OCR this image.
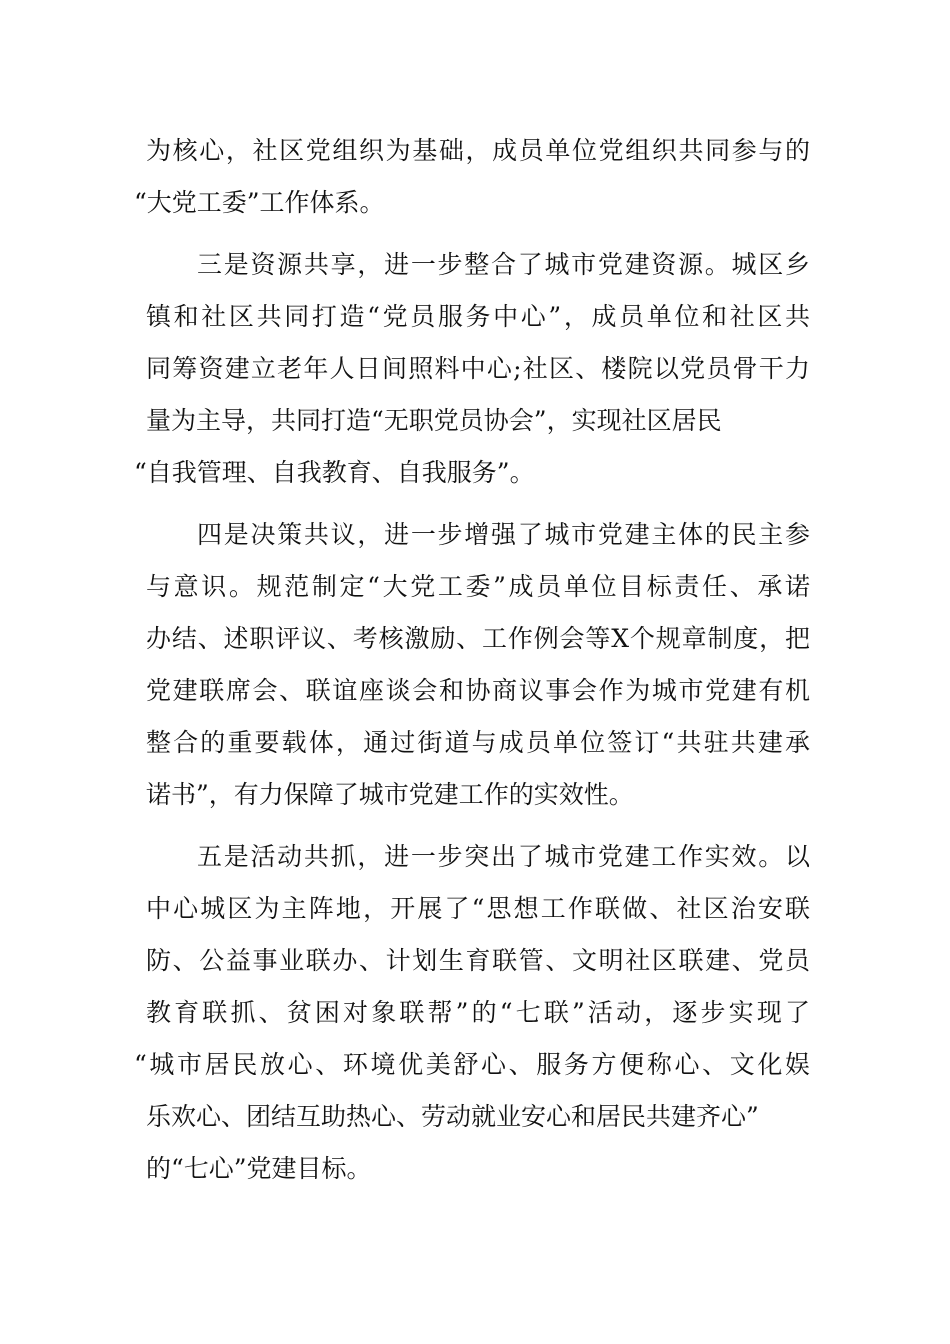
为核心，社区党组织为基础，成员单位党组织共同参与的
“大党工委”工作体系。
三是资源共享，进一步整合了城市党建资源。城区乡
镇和社区共同打造“党员服务中心”，成员单位和社区共
同筹资建立老年人日间照料中心;社区、楼院以党员骨干力
量为主导，共同打造“无职党员协会”，实现社区居民
“自我管理、自我教育、自我服务”。
四是决策共议，进一步增强了城市党建主体的民主参
与意识。规范制定“大党工委”成员单位目标责任、承诺
办结、述职评议、考核激励、工作例会等X个规章制度，把
党建联席会、联谊座谈会和协商议事会作为城市党建有机
整合的重要载体，通过街道与成员单位签订“共驻共建承
诺书”，有力保障了城市党建工作的实效性。
五是活动共抓，进一步突出了城市党建工作实效。以
中心城区为主阵地，开展了“思想工作联做、社区治安联
防、公益事业联办、计划生育联管、文明社区联建、党员
教育联抓、贫困对象联帮”的“七联”活动，逐步实现了
“城市居民放心、环境优美舒心、服务方便称心、文化娱
乐欢心、团结互助热心、劳动就业安心和居民共建齐心”
的“七心”党建目标。
